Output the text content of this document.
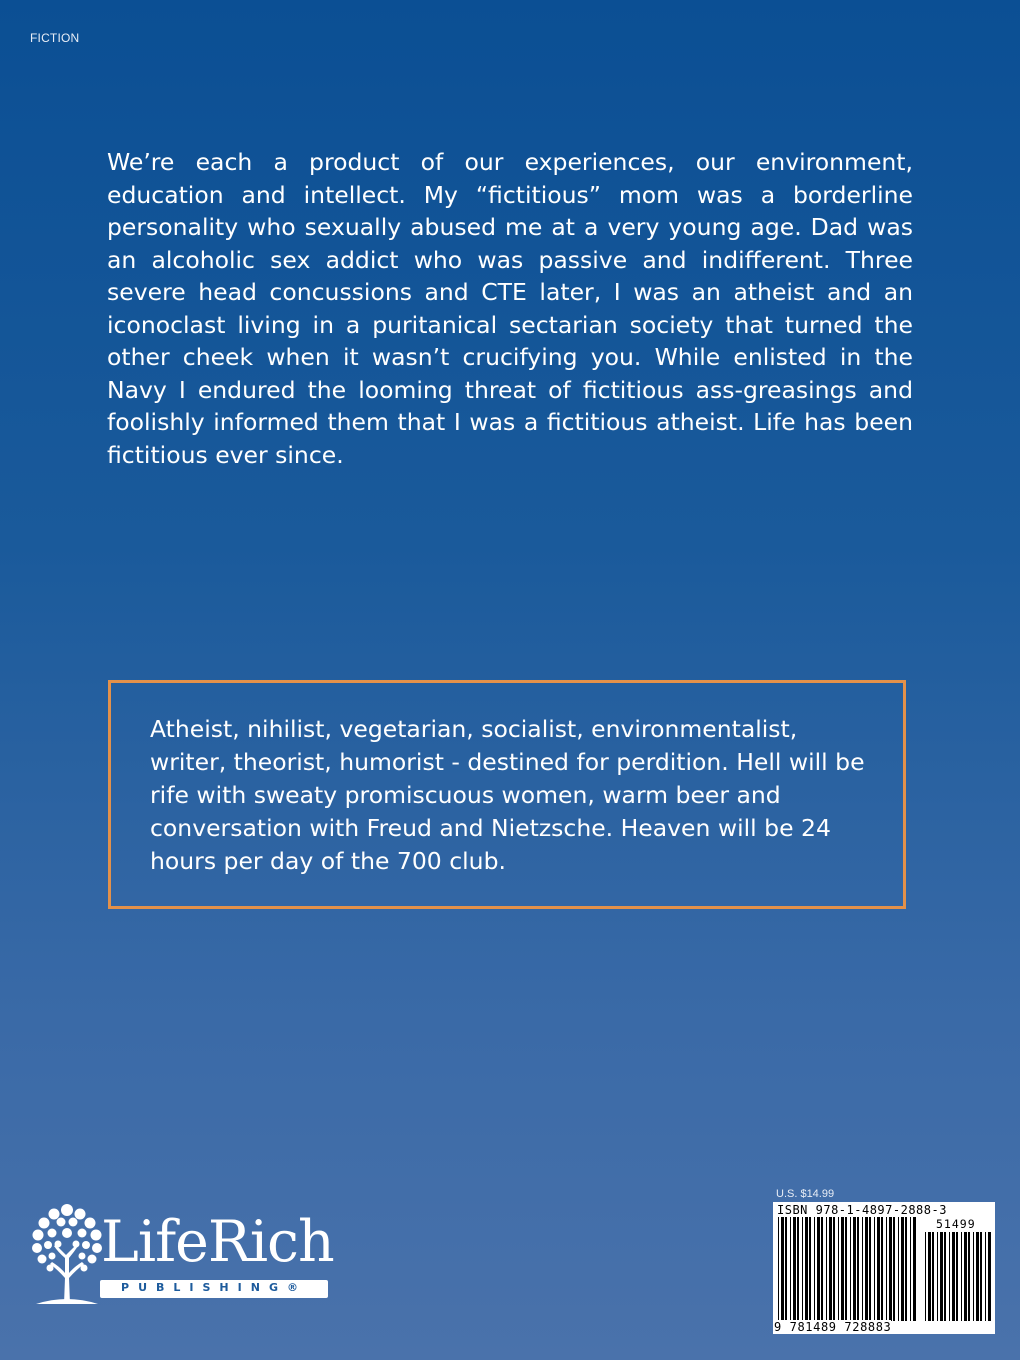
FICTION

We’re each a product of our experiences, our environment, education and intellect. My “fictitious” mom was a borderline personality who sexually abused me at a very young age. Dad was an alcoholic sex addict who was passive and indifferent. Three severe head concussions and CTE later, I was an atheist and an iconoclast living in a puritanical sectarian society that turned the other cheek when it wasn’t crucifying you. While enlisted in the Navy I endured the looming threat of fictitious ass-greasings and foolishly informed them that I was a fictitious atheist. Life has been fictitious ever since.

Atheist, nihilist, vegetarian, socialist, environmentalist, writer, theorist, humorist - destined for perdition. Hell will be rife with sweaty promiscuous women, warm beer and conversation with Freud and Nietzsche. Heaven will be 24 hours per day of the 700 club.

LifeRich
PUBLISHING®
U.S. $14.99
ISBN 978-1-4897-2888-3
51499
9 781489 728883
